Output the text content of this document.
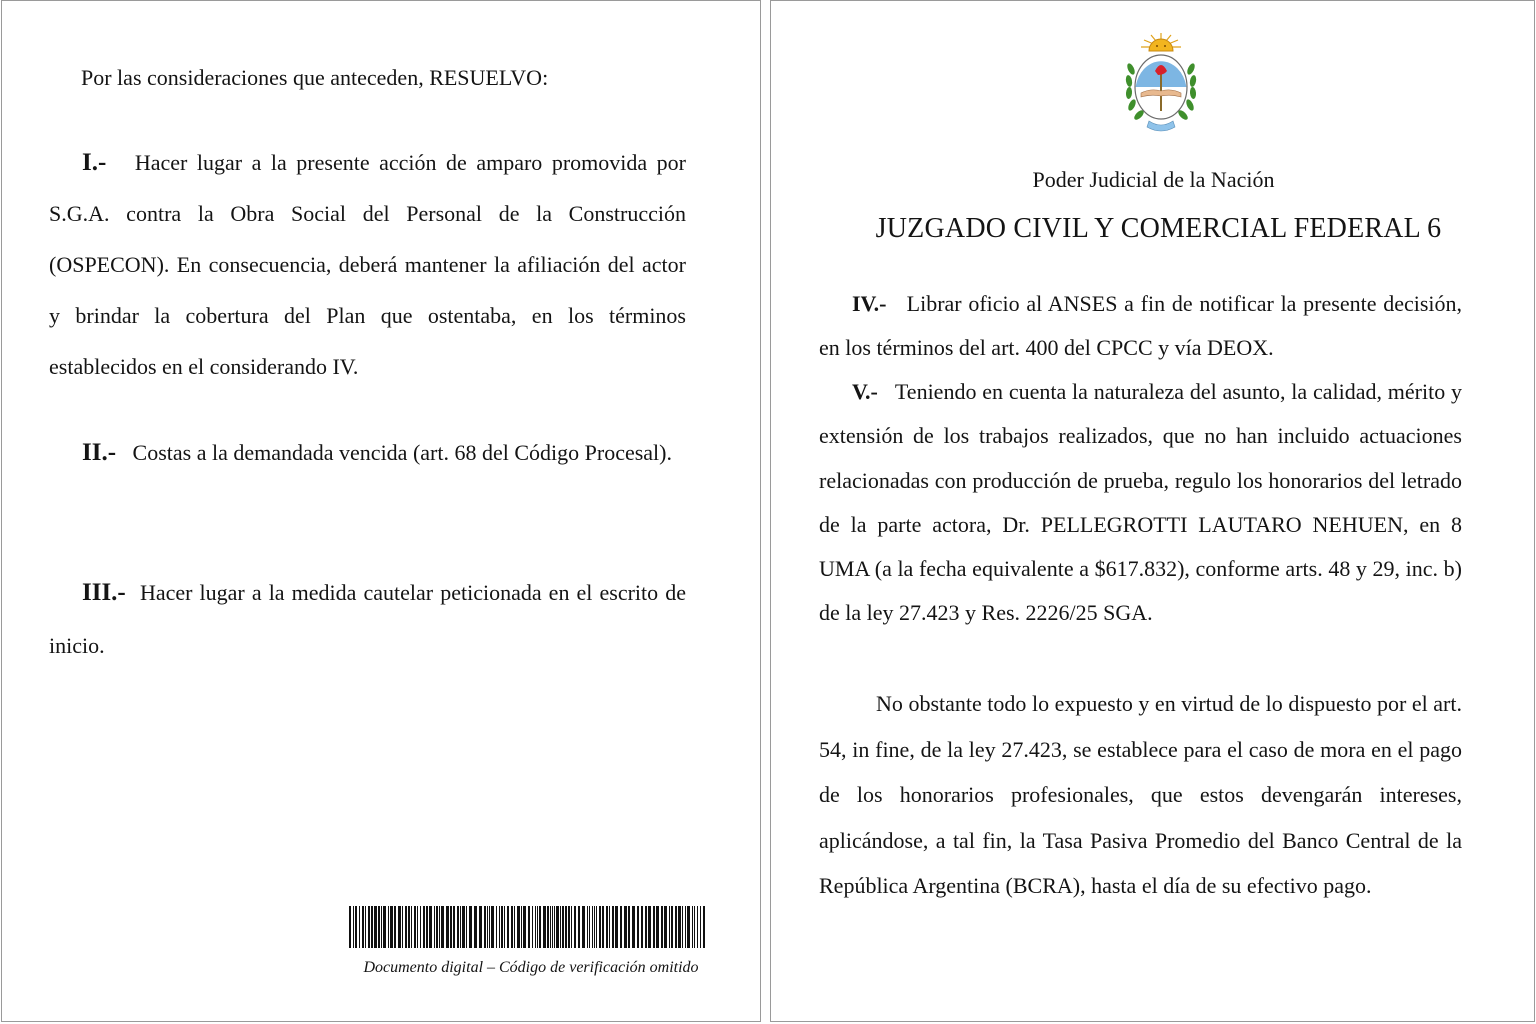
Por las consideraciones que anteceden, RESUELVO:

I.- Hacer lugar a la presente acción de amparo promovida por S.G.A. contra la Obra Social del Personal de la Construcción (OSPECON). En consecuencia, deberá mantener la afiliación del actor y brindar la cobertura del Plan que ostentaba, en los términos establecidos en el considerando IV.

II.- Costas a la demandada vencida (art. 68 del Código Procesal).

III.- Hacer lugar a la medida cautelar peticionada en el escrito de inicio.

Documento digital – Código de verificación omitido
Poder Judicial de la Nación
JUZGADO CIVIL Y COMERCIAL FEDERAL 6

IV.- Librar oficio al ANSES a fin de notificar la presente decisión, en los términos del art. 400 del CPCC y vía DEOX.

V.- Teniendo en cuenta la naturaleza del asunto, la calidad, mérito y extensión de los trabajos realizados, que no han incluido actuaciones relacionadas con producción de prueba, regulo los honorarios del letrado de la parte actora, Dr. PELLEGROTTI LAUTARO NEHUEN, en 8 UMA (a la fecha equivalente a $617.832), conforme arts. 48 y 29, inc. b) de la ley 27.423 y Res. 2226/25 SGA.

No obstante todo lo expuesto y en virtud de lo dispuesto por el art. 54, in fine, de la ley 27.423, se establece para el caso de mora en el pago de los honorarios profesionales, que estos devengarán intereses, aplicándose, a tal fin, la Tasa Pasiva Promedio del Banco Central de la República Argentina (BCRA), hasta el día de su efectivo pago.
